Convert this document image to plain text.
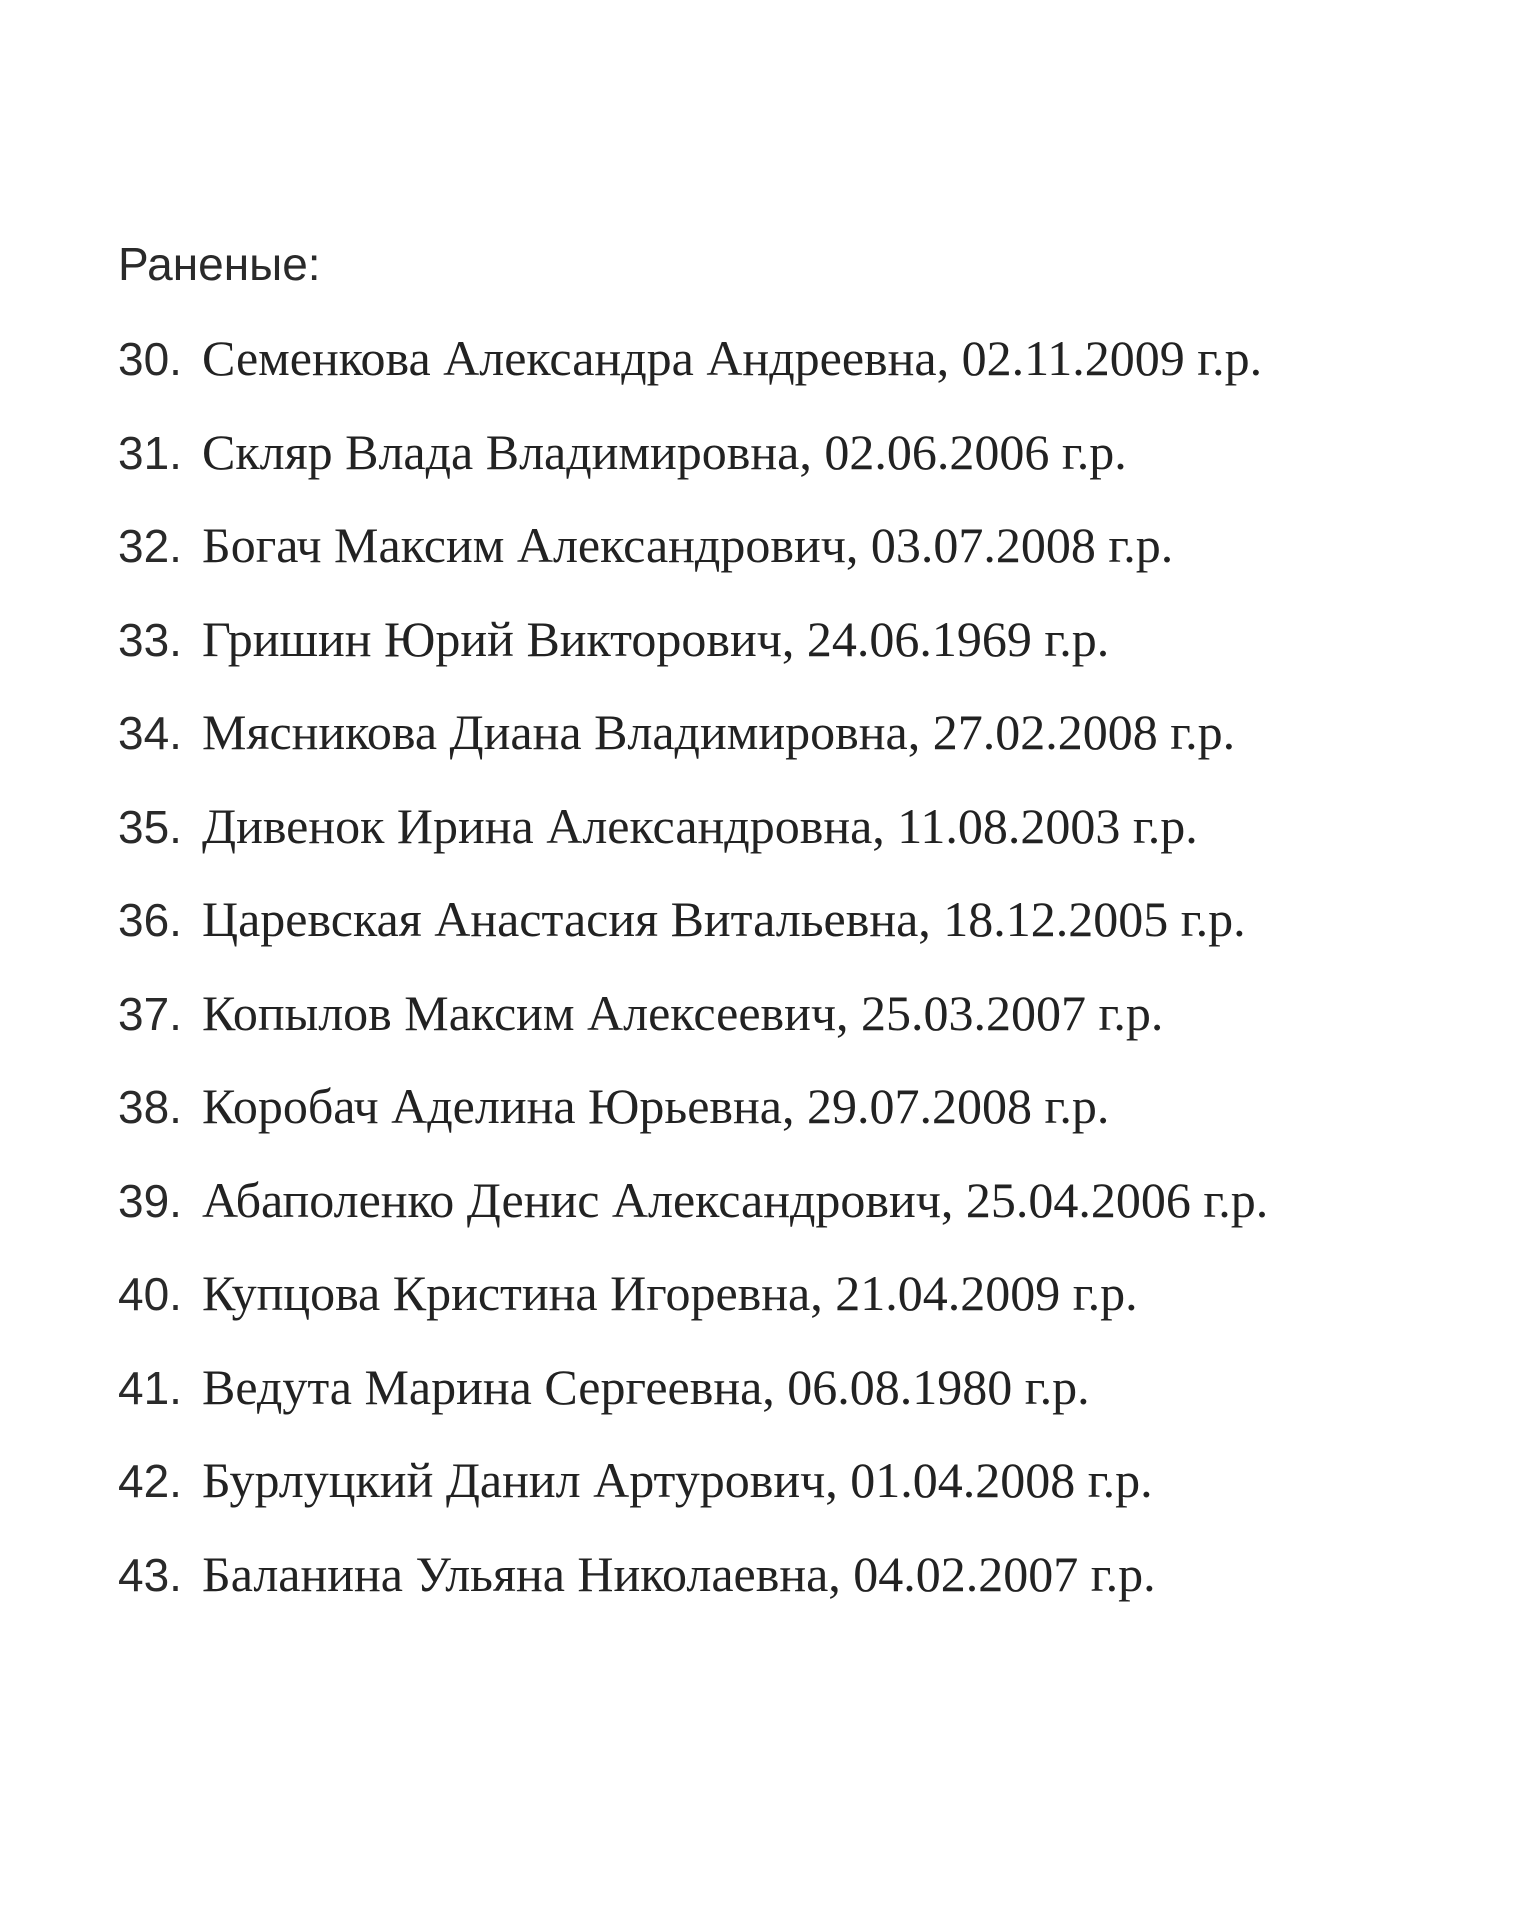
Раненые:
30. Семенкова Александра Андреевна, 02.11.2009 г.р.
31. Скляр Влада Владимировна, 02.06.2006 г.р.
32. Богач Максим Александрович, 03.07.2008 г.р.
33. Гришин Юрий Викторович, 24.06.1969 г.р.
34. Мясникова Диана Владимировна, 27.02.2008 г.р.
35. Дивенок Ирина Александровна, 11.08.2003 г.р.
36. Царевская Анастасия Витальевна, 18.12.2005 г.р.
37. Копылов Максим Алексеевич, 25.03.2007 г.р.
38. Коробач Аделина Юрьевна, 29.07.2008 г.р.
39. Абаполенко Денис Александрович, 25.04.2006 г.р.
40. Купцова Кристина Игоревна, 21.04.2009 г.р.
41. Ведута Марина Сергеевна, 06.08.1980 г.р.
42. Бурлуцкий Данил Артурович, 01.04.2008 г.р.
43. Баланина Ульяна Николаевна, 04.02.2007 г.р.
